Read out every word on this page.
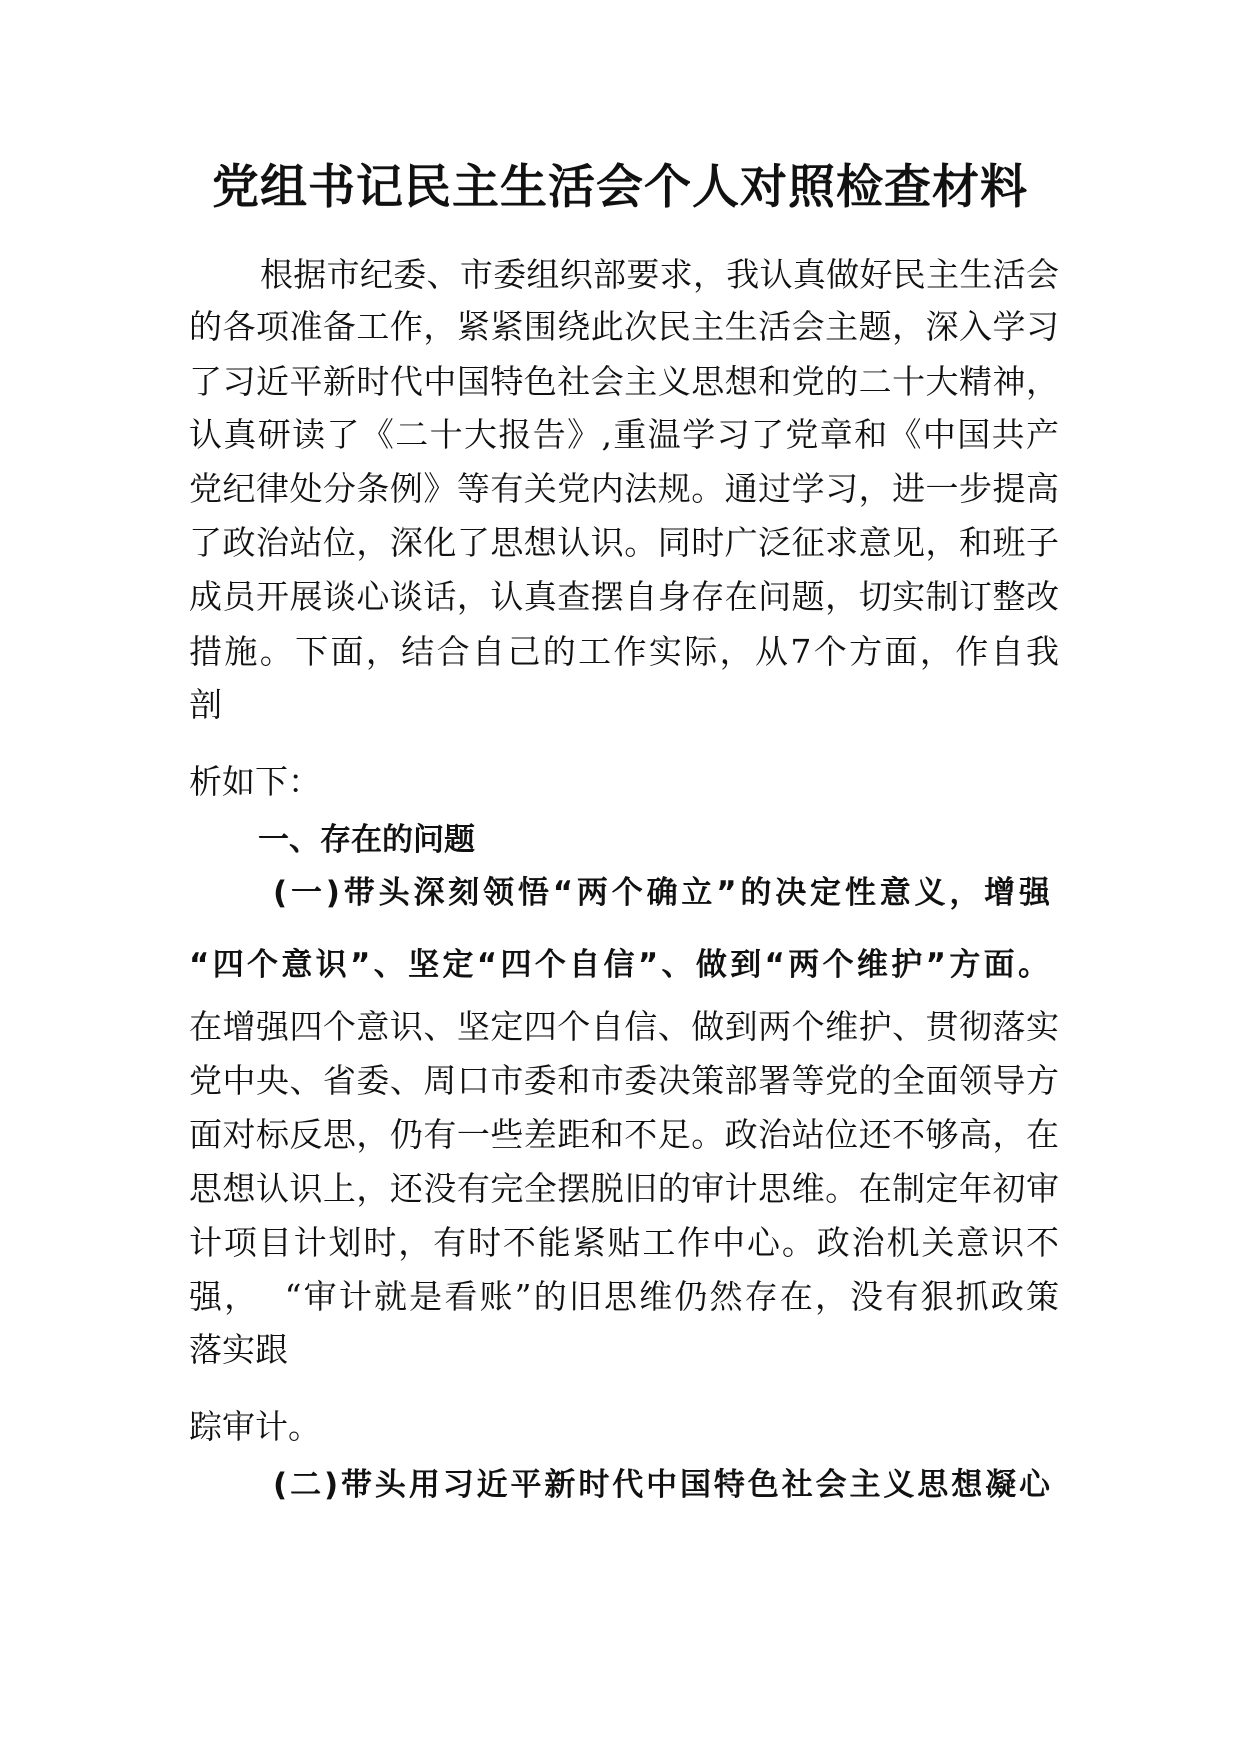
党组书记民主生活会个人对照检查材料

根据市纪委、市委组织部要求，我认真做好民主生活会

的各项准备工作，紧紧围绕此次民主生活会主题，深入学习

了习近平新时代中国特色社会主义思想和党的二十大精神，

认真研读了《二十大报告》,重温学习了党章和《中国共产

党纪律处分条例》等有关党内法规。通过学习，进一步提高

了政治站位，深化了思想认识。同时广泛征求意见，和班子

成员开展谈心谈话，认真查摆自身存在问题，切实制订整改

措施。下面，结合自己的工作实际，从7个方面，作自我

剖

析如下：

一、存在的问题

(一)带头深刻领悟“两个确立”的决定性意义，增强

“四个意识”、坚定“四个自信”、做到“两个维护”方面。

在增强四个意识、坚定四个自信、做到两个维护、贯彻落实

党中央、省委、周口市委和市委决策部署等党的全面领导方

面对标反思，仍有一些差距和不足。政治站位还不够高，在

思想认识上，还没有完全摆脱旧的审计思维。在制定年初审

计项目计划时，有时不能紧贴工作中心。政治机关意识不

强，  “审计就是看账”的旧思维仍然存在，没有狠抓政策

落实跟

踪审计。

(二)带头用习近平新时代中国特色社会主义思想凝心
